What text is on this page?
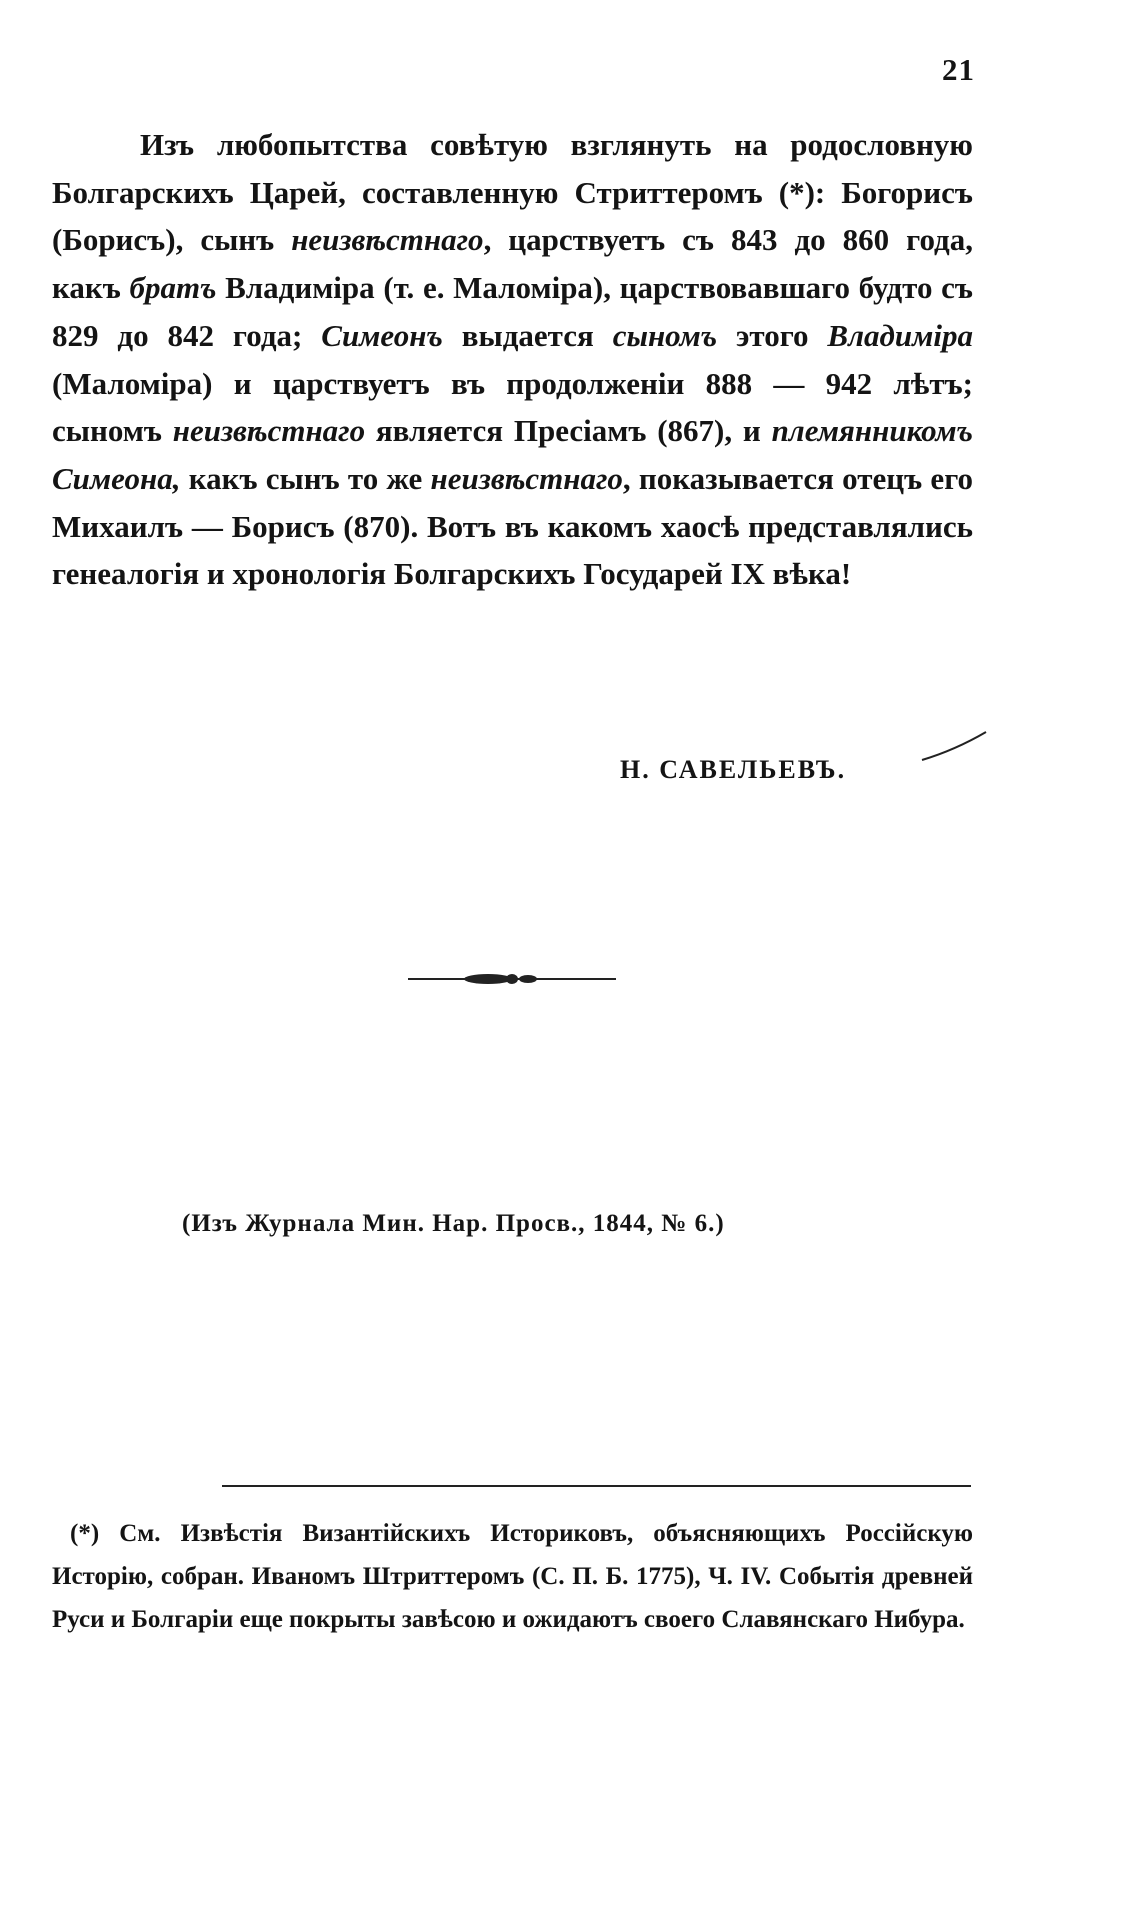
21

Изъ любопытства совѣтую взглянуть на родословную Болгарскихъ Царей, составленную Стриттеромъ (*): Богорисъ (Борисъ), сынъ неизвѣстнаго, царствуетъ съ 843 до 860 года, какъ братъ Владиміра (т. е. Маломіра), царствовавшаго будто съ 829 до 842 года; Симеонъ выдается сыномъ этого Владиміра (Маломіра) и царствуетъ въ продолженіи 888 — 942 лѣтъ; сыномъ неизвѣстнаго является Пресіамъ (867), и племянникомъ Симеона, какъ сынъ то же неизвѣстнаго, показывается отецъ его Михаилъ — Борисъ (870). Вотъ въ какомъ хаосѣ представлялись генеалогія и хронологія Болгарскихъ Государей IX вѣка!

Н. САВЕЛЬЕВЪ.
(Изъ Журнала Мин. Нар. Просв., 1844, № 6.)

(*) См. Извѣстія Византійскихъ Историковъ, объясняющихъ Россійскую Исторію, собран. Иваномъ Штриттеромъ (С. П. Б. 1775), Ч. IV. Событія древней Руси и Болгаріи еще покрыты завѣсою и ожидаютъ своего Славянскаго Нибура.
